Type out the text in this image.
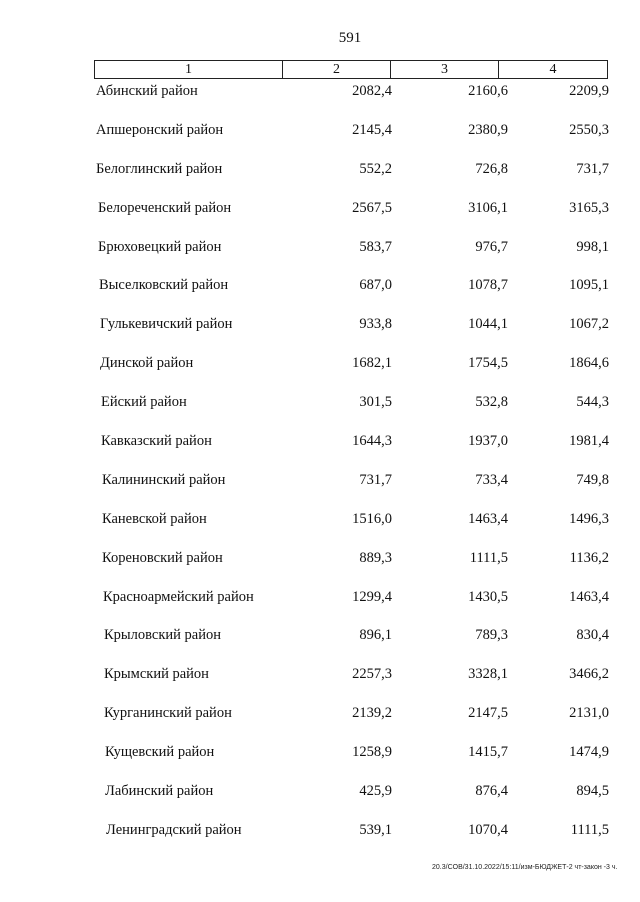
591
1	2	3	4
Абинский район	2082,4	2160,6	2209,9
Апшеронский район	2145,4	2380,9	2550,3
Белоглинский район	552,2	726,8	731,7
Белореченский район	2567,5	3106,1	3165,3
Брюховецкий район	583,7	976,7	998,1
Выселковский район	687,0	1078,7	1095,1
Гулькевичский район	933,8	1044,1	1067,2
Динской район	1682,1	1754,5	1864,6
Ейский район	301,5	532,8	544,3
Кавказский район	1644,3	1937,0	1981,4
Калининский район	731,7	733,4	749,8
Каневской район	1516,0	1463,4	1496,3
Кореновский район	889,3	1111,5	1136,2
Красноармейский район	1299,4	1430,5	1463,4
Крыловский район	896,1	789,3	830,4
Крымский район	2257,3	3328,1	3466,2
Курганинский район	2139,2	2147,5	2131,0
Кущевский район	1258,9	1415,7	1474,9
Лабинский район	425,9	876,4	894,5
Ленинградский район	539,1	1070,4	1111,5
20.3/COB/31.10.2022/15:11/изм-БЮДЖЕТ-2 чт-закон -3 ч.
